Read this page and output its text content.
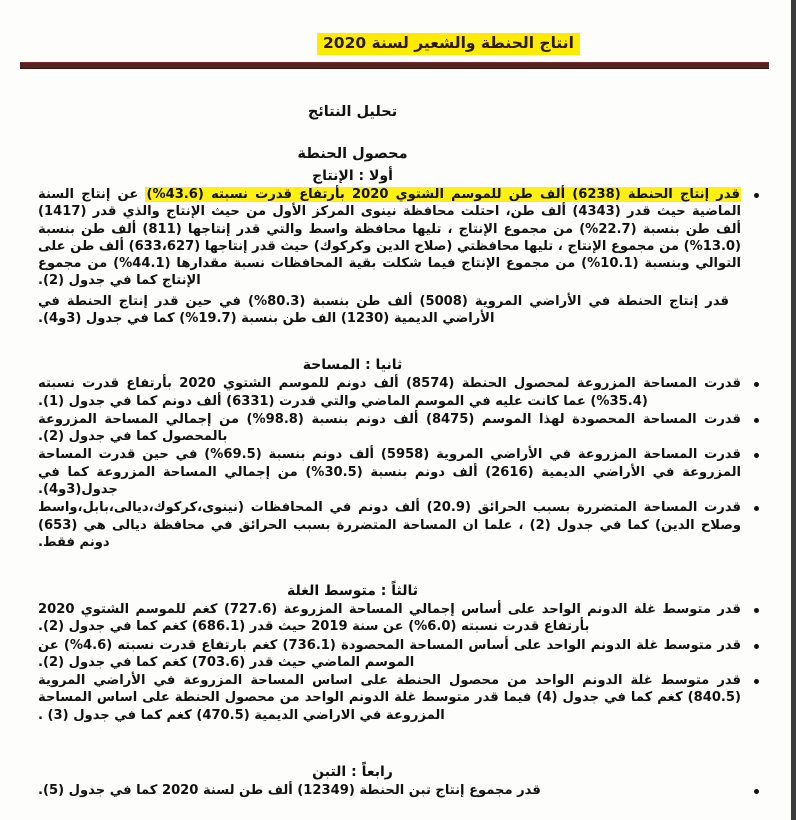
انتاج الحنطة والشعير لسنة 2020
تحليل النتائج
محصول الحنطة
أولا : الإنتاج
قدر إنتاج الحنطة (6238) ألف طن للموسم الشتوي 2020 بأرتفاع قدرت نسبته (43.6%) عن إنتاج السنة الماضية حيث قدر (4343) ألف طن، احتلت محافظة نينوى المركز الأول من حيث الإنتاج والذي قدر (1417) ألف طن بنسبة (22.7%) من مجموع الإنتاج ، تليها محافظة واسط والتي قدر إنتاجها (811) ألف طن بنسبة (13.0%) من مجموع الإنتاج ، تليها محافظتي (صلاح الدين وكركوك) حيث قدر إنتاجها (633،627) ألف طن على التوالي وبنسبة (10.1%) من مجموع الإنتاج فيما شكلت بقية المحافظات نسبة مقدارها (44.1%) من مجموع الإنتاج كما في جدول (2).
قدر إنتاج الحنطة في الأراضي المروية (5008) ألف طن بنسبة (80.3%) في حين قدر إنتاج الحنطة في الأراضي الديمية (1230) الف طن بنسبة (19.7%) كما في جدول (3و4).
ثانيا : المساحة
قدرت المساحة المزروعة لمحصول الحنطة (8574) ألف دونم للموسم الشتوي 2020 بأرتفاع قدرت نسبته (35.4%) عما كانت عليه في الموسم الماضي والتي قدرت (6331) ألف دونم كما في جدول (1).
قدرت المساحة المحصودة لهذا الموسم (8475) ألف دونم بنسبة (98.8%) من إجمالي المساحة المزروعة بالمحصول كما في جدول (2).
قدرت المساحة المزروعة في الأراضي المروية (5958) ألف دونم بنسبة (69.5%) في حين قدرت المساحة المزروعة في الأراضي الديمية (2616) ألف دونم بنسبة (30.5%) من إجمالي المساحة المزروعة كما في جدول(3و4).
قدرت المساحة المتضررة بسبب الحرائق (20.9) ألف دونم في المحافظات (نينوى،كركوك،ديالى،بابل،واسط وصلاح الدين) كما في جدول (2) ، علما ان المساحة المتضررة بسبب الحرائق في محافظة ديالى هي (653) دونم فقط.
ثالثاً : متوسط الغلة
قدر متوسط غلة الدونم الواحد على أساس إجمالي المساحة المزروعة (727.6) كغم للموسم الشتوي 2020 بأرتفاع قدرت نسبته (6.0%) عن سنة 2019 حيث قدر (686.1) كغم كما في جدول (2).
قدر متوسط غلة الدونم الواحد على أساس المساحة المحصودة (736.1) كغم بارتفاع قدرت نسبته (4.6%) عن الموسم الماضي حيث قدر (703.6) كغم كما في جدول (2).
قدر متوسط غلة الدونم الواحد من محصول الحنطة على اساس المساحة المزروعة في الأراضي المروية (840.5) كغم كما في جدول (4) فيما قدر متوسط غلة الدونم الواحد من محصول الحنطة على اساس المساحة المزروعة في الاراضي الديمية (470.5) كغم كما في جدول (3) .
رابعاً : التبن
قدر مجموع إنتاج تبن الحنطة (12349) ألف طن لسنة 2020 كما في جدول (5).
